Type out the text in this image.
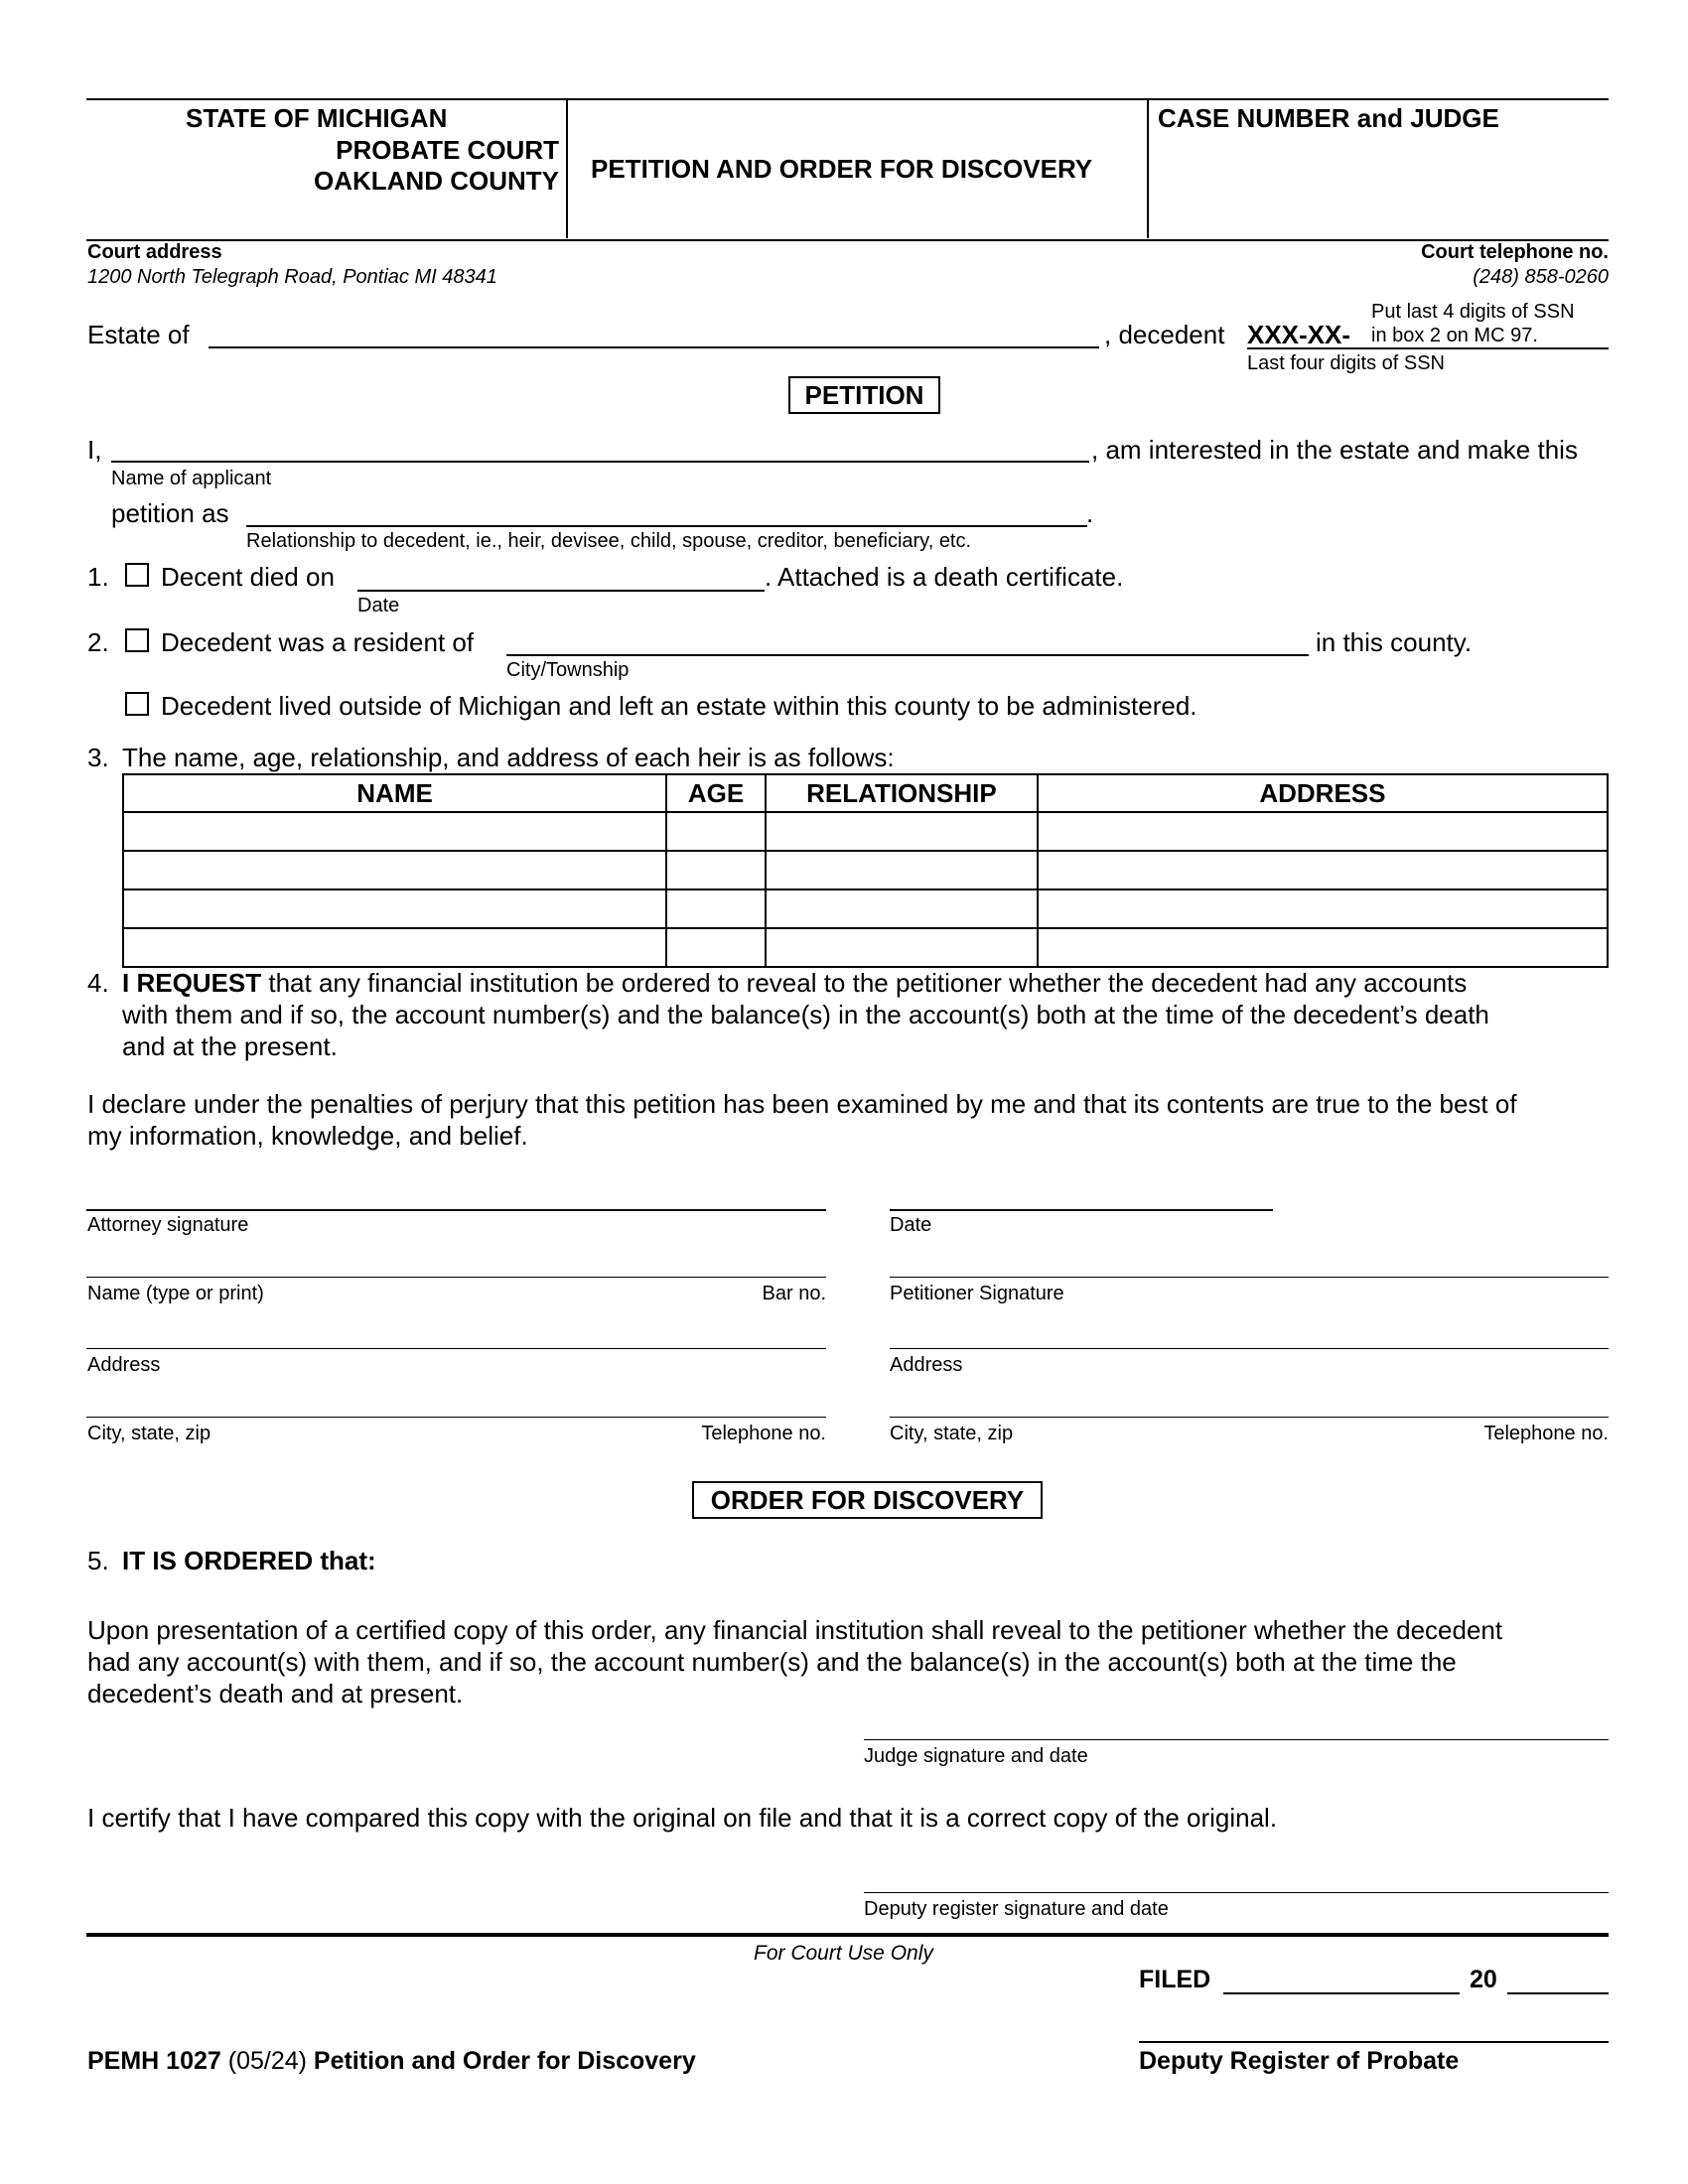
STATE OF MICHIGAN
PROBATE COURT
OAKLAND COUNTY PETITION AND ORDER FOR DISCOVERY
CASE NUMBER and JUDGE
Court address
1200 North Telegraph Road, Pontiac MI 48341
Court telephone no.
(248) 858-0260
Estate of	, decedent XXX-XX-
Put last 4 digits of SSN
in box 2 on MC 97.
Last four digits of SSN
PETITION
I,	, am interested in the estate and make this
Name of applicant
petition as	.
Relationship to decedent, ie., heir, devisee, child, spouse, creditor, beneficiary, etc.
1. Decent died on	. Attached is a death certificate.
Date
2. Decedent was a resident of	in this county.
City/Township
Decedent lived outside of Michigan and left an estate within this county to be administered.
3. The name, age, relationship, and address of each heir is as follows:
NAME	AGE	RELATIONSHIP	ADDRESS

4. I REQUEST that any financial institution be ordered to reveal to the petitioner whether the decedent had any accounts
with them and if so, the account number(s) and the balance(s) in the account(s) both at the time of the decedent’s death
and at the present.
I declare under the penalties of perjury that this petition has been examined by me and that its contents are true to the best of
my information, knowledge, and belief.
Attorney signature	Date
Name (type or print)	Bar no.	Petitioner Signature
Address	Address
City, state, zip	Telephone no.	City, state, zip	Telephone no.
ORDER FOR DISCOVERY
5. IT IS ORDERED that:
Upon presentation of a certified copy of this order, any financial institution shall reveal to the petitioner whether the decedent
had any account(s) with them, and if so, the account number(s) and the balance(s) in the account(s) both at the time the
decedent’s death and at present.
Judge signature and date
I certify that I have compared this copy with the original on file and that it is a correct copy of the original.
Deputy register signature and date
For Court Use Only
FILED	20
Deputy Register of Probate
PEMH 1027 (05/24) Petition and Order for Discovery
